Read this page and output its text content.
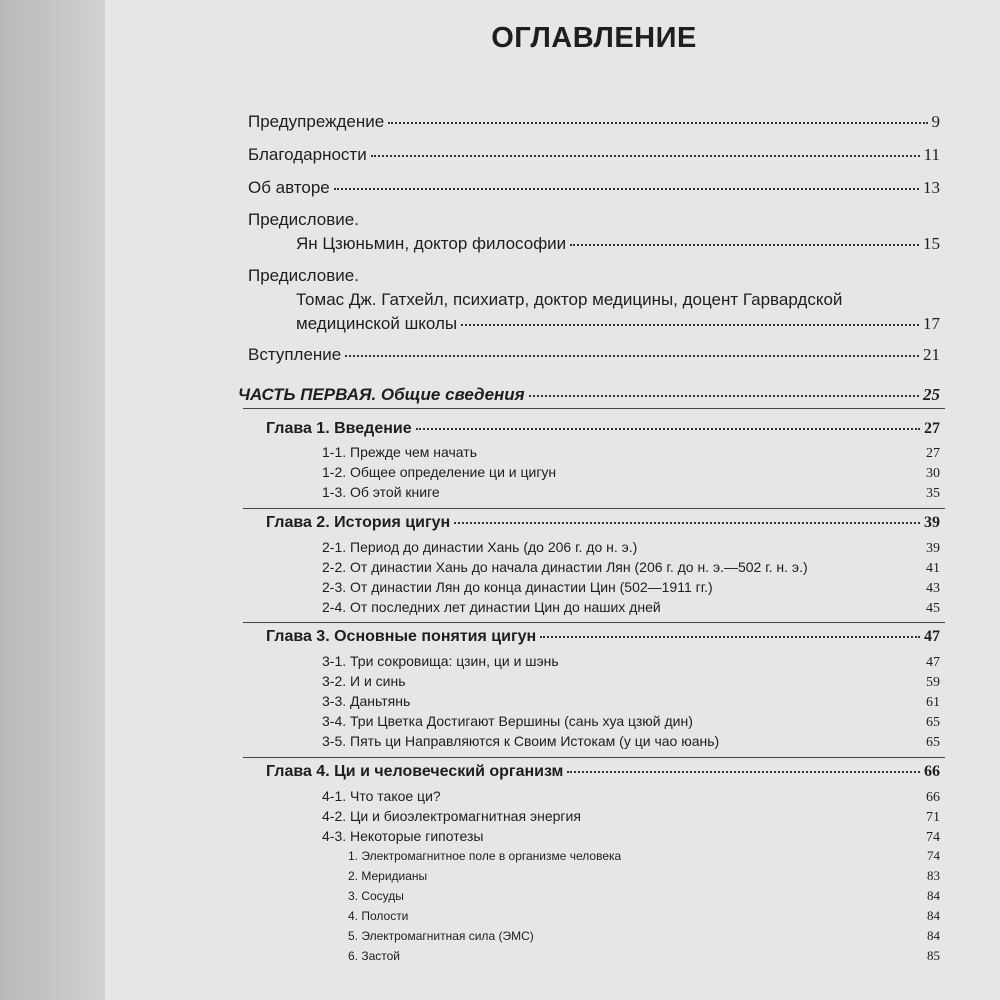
ОГЛАВЛЕНИЕ
Предупреждение	9
Благодарности	11
Об авторе	13
Предисловие.
Ян Цзюньмин, доктор философии	15
Предисловие.
Томас Дж. Гатхейл, психиатр, доктор медицины, доцент Гарвардской
медицинской школы	17
Вступление	21
ЧАСТЬ ПЕРВАЯ. Общие сведения	25
Глава 1. Введение	27
1-1. Прежде чем начать	27
1-2. Общее определение ци и цигун	30
1-3. Об этой книге	35
Глава 2. История цигун	39
2-1. Период до династии Хань (до 206 г. до н. э.)	39
2-2. От династии Хань до начала династии Лян (206 г. до н. э.—502 г. н. э.)	41
2-3. От династии Лян до конца династии Цин (502—1911 гг.)	43
2-4. От последних лет династии Цин до наших дней	45
Глава 3. Основные понятия цигун	47
3-1. Три сокровища: цзин, ци и шэнь	47
3-2. И и синь	59
3-3. Даньтянь	61
3-4. Три Цветка Достигают Вершины (сань хуа цзюй дин)	65
3-5. Пять ци Направляются к Своим Истокам (у ци чао юань)	65
Глава 4. Ци и человеческий организм	66
4-1. Что такое ци?	66
4-2. Ци и биоэлектромагнитная энергия	71
4-3. Некоторые гипотезы	74
1. Электромагнитное поле в организме человека	74
2. Меридианы	83
3. Сосуды	84
4. Полости	84
5. Электромагнитная сила (ЭМС)	84
6. Застой	85
